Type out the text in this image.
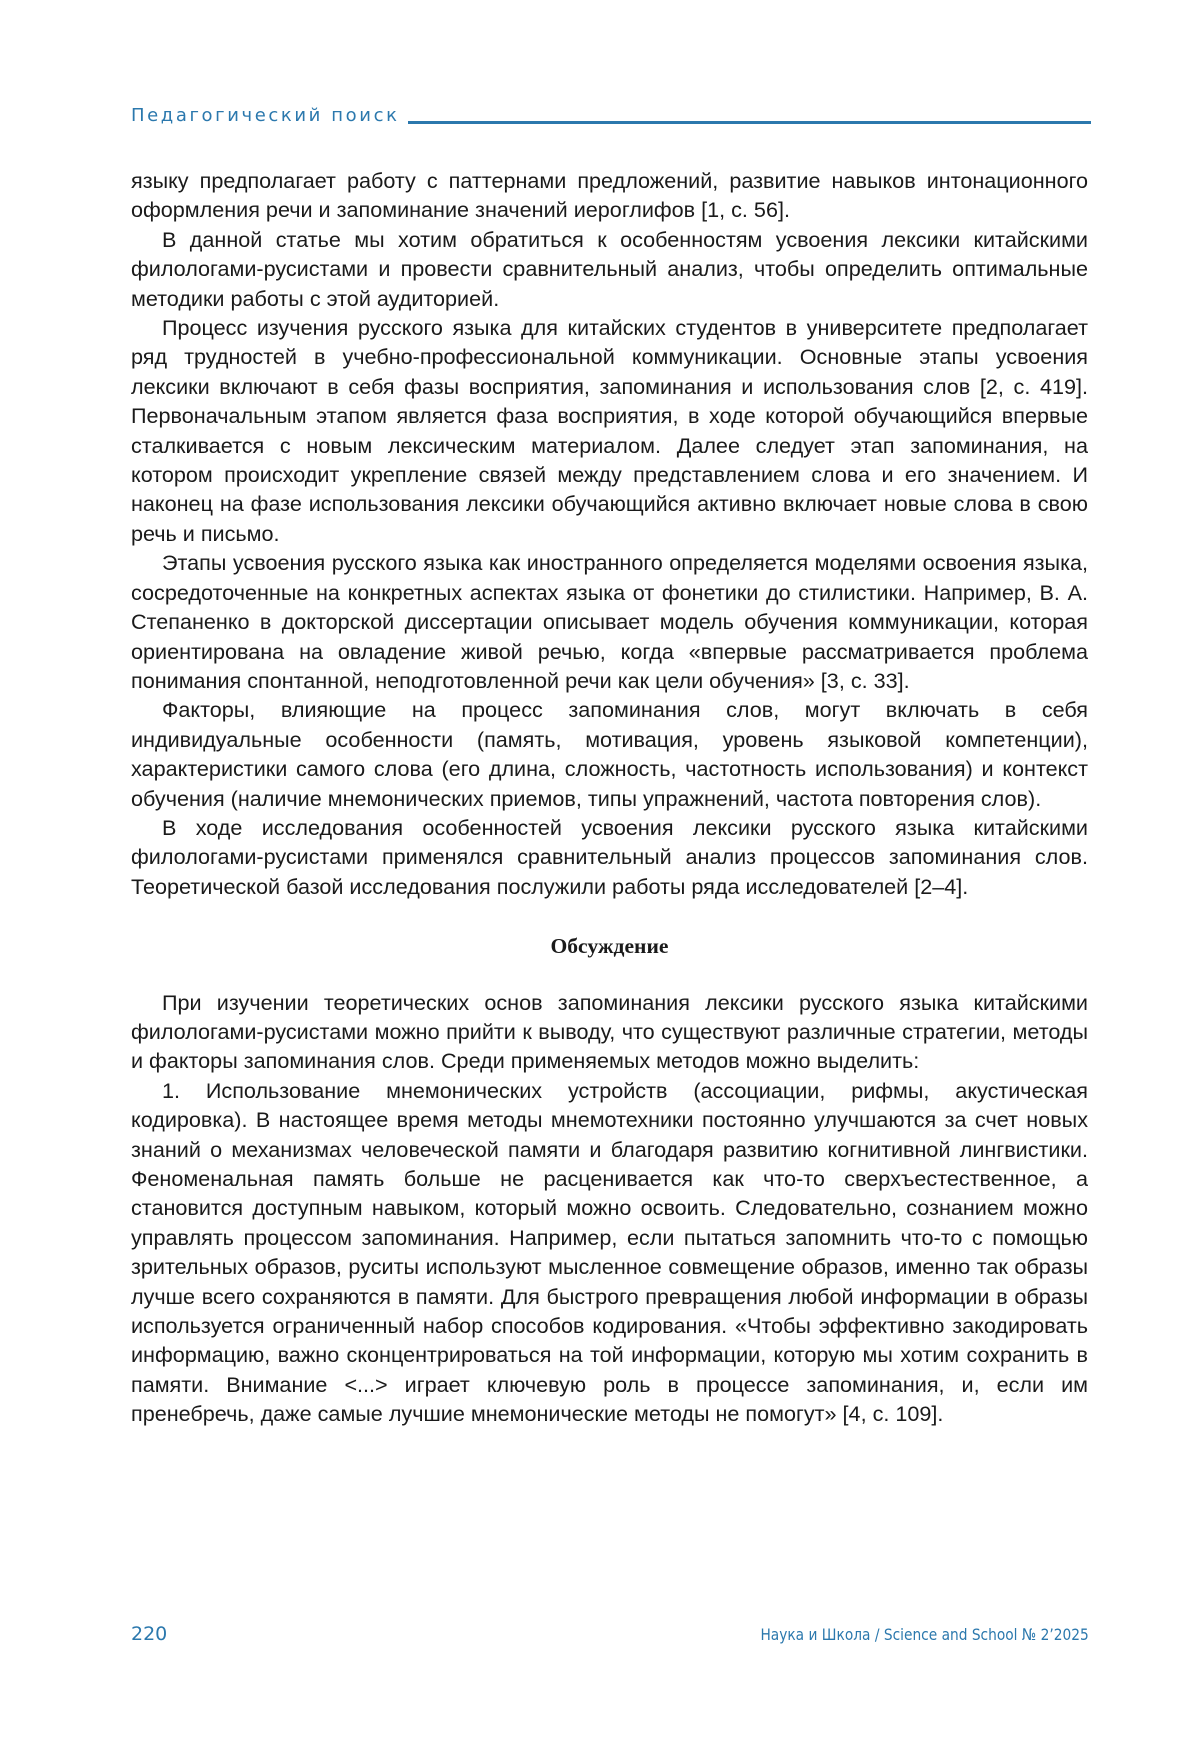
Педагогический поиск

языку предполагает работу с паттернами предложений, развитие навыков интонационного оформления речи и запоминание значений иероглифов [1, с. 56].

В данной статье мы хотим обратиться к особенностям усвоения лексики китайскими филологами-русистами и провести сравнительный анализ, чтобы определить оптимальные методики работы с этой аудиторией.

Процесс изучения русского языка для китайских студентов в университете предполагает ряд трудностей в учебно-профессиональной коммуникации. Основные этапы усвоения лексики включают в себя фазы восприятия, запоминания и использования слов [2, с. 419]. Первоначальным этапом является фаза восприятия, в ходе которой обучающийся впервые сталкивается с новым лексическим материалом. Далее следует этап запоминания, на котором происходит укрепление связей между представлением слова и его значением. И наконец на фазе использования лексики обучающийся активно включает новые слова в свою речь и письмо.

Этапы усвоения русского языка как иностранного определяется моделями освоения языка, сосредоточенные на конкретных аспектах языка от фонетики до стилистики. Например, В. А. Степаненко в докторской диссертации описывает модель обучения коммуникации, которая ориентирована на овладение живой речью, когда «впервые рассматривается проблема понимания спонтанной, неподготовленной речи как цели обучения» [3, с. 33].

Факторы, влияющие на процесс запоминания слов, могут включать в себя индивидуальные особенности (память, мотивация, уровень языковой компетенции), характеристики самого слова (его длина, сложность, частотность использования) и контекст обучения (наличие мнемонических приемов, типы упражнений, частота повторения слов).

В ходе исследования особенностей усвоения лексики русского языка китайскими филологами-русистами применялся сравнительный анализ процессов запоминания слов. Теоретической базой исследования послужили работы ряда исследователей [2–4].

Обсуждение

При изучении теоретических основ запоминания лексики русского языка китайскими филологами-русистами можно прийти к выводу, что существуют различные стратегии, методы и факторы запоминания слов. Среди применяемых методов можно выделить:

1. Использование мнемонических устройств (ассоциации, рифмы, акустическая кодировка). В настоящее время методы мнемотехники постоянно улучшаются за счет новых знаний о механизмах человеческой памяти и благодаря развитию когнитивной лингвистики. Феноменальная память больше не расценивается как что-то сверхъестественное, а становится доступным навыком, который можно освоить. Следовательно, сознанием можно управлять процессом запоминания. Например, если пытаться запомнить что-то с помощью зрительных образов, руситы используют мысленное совмещение образов, именно так образы лучше всего сохраняются в памяти. Для быстрого превращения любой информации в образы используется ограниченный набор способов кодирования. «Чтобы эффективно закодировать информацию, важно сконцентрироваться на той информации, которую мы хотим сохранить в памяти. Внимание <...> играет ключевую роль в процессе запоминания, и, если им пренебречь, даже самые лучшие мнемонические методы не помогут» [4, с. 109].

220	Наука и Школа / Science and School № 2’2025
